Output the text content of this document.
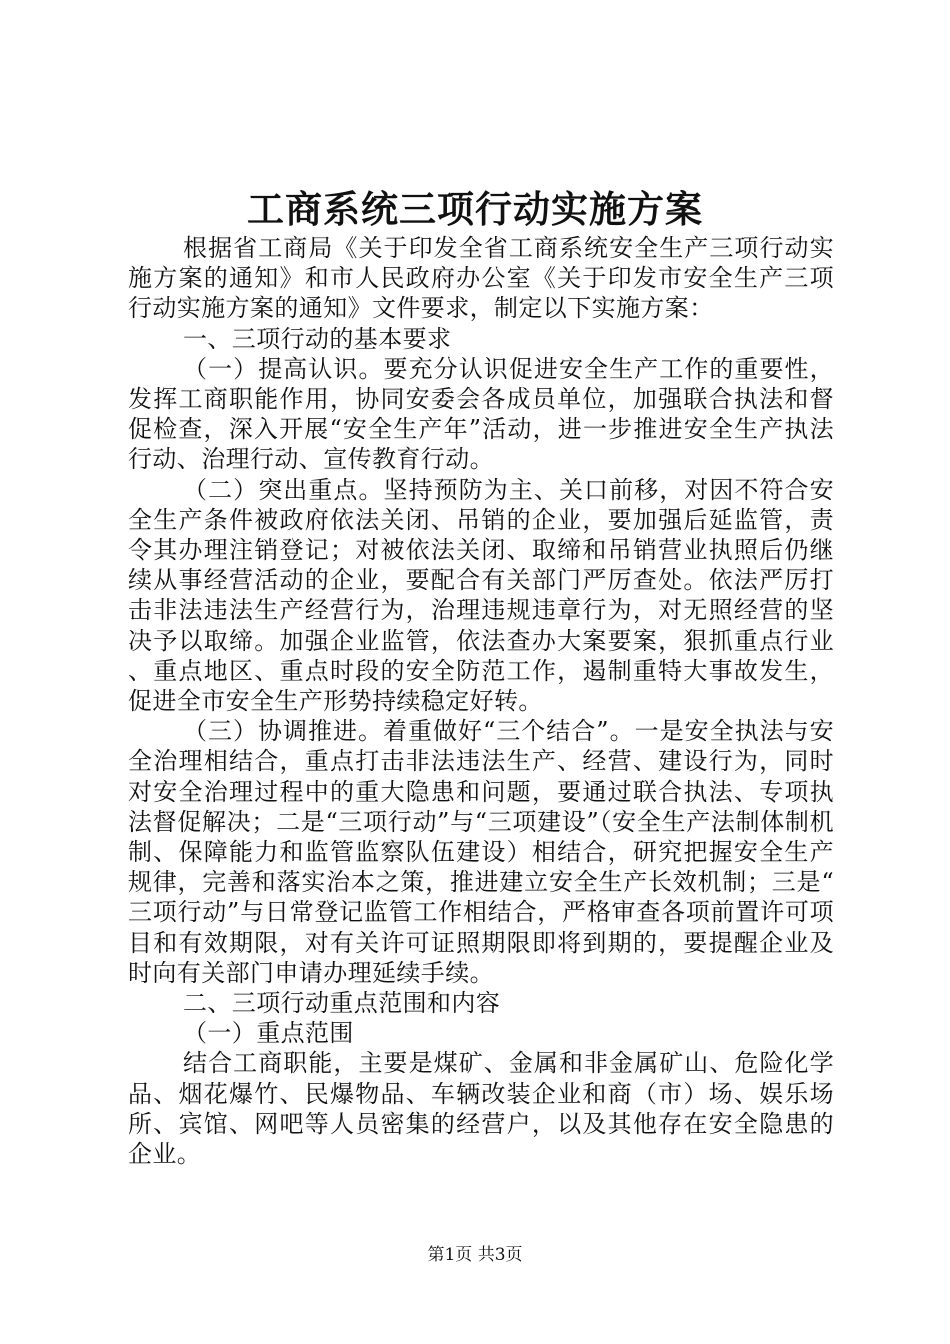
工商系统三项行动实施方案

根据省工商局《关于印发全省工商系统安全生产三项行动实施方案的通知》和市人民政府办公室《关于印发市安全生产三项行动实施方案的通知》文件要求，制定以下实施方案：

一、三项行动的基本要求

（一）提高认识。要充分认识促进安全生产工作的重要性，发挥工商职能作用，协同安委会各成员单位，加强联合执法和督促检查，深入开展“安全生产年”活动，进一步推进安全生产执法行动、治理行动、宣传教育行动。

（二）突出重点。坚持预防为主、关口前移，对因不符合安全生产条件被政府依法关闭、吊销的企业，要加强后延监管，责令其办理注销登记；对被依法关闭、取缔和吊销营业执照后仍继续从事经营活动的企业，要配合有关部门严厉查处。依法严厉打击非法违法生产经营行为，治理违规违章行为，对无照经营的坚决予以取缔。加强企业监管，依法查办大案要案，狠抓重点行业、重点地区、重点时段的安全防范工作，遏制重特大事故发生，促进全市安全生产形势持续稳定好转。

（三）协调推进。着重做好“三个结合”。一是安全执法与安全治理相结合，重点打击非法违法生产、经营、建设行为，同时对安全治理过程中的重大隐患和问题，要通过联合执法、专项执法督促解决；二是“三项行动”与“三项建设”（安全生产法制体制机制、保障能力和监管监察队伍建设）相结合，研究把握安全生产规律，完善和落实治本之策，推进建立安全生产长效机制；三是“三项行动”与日常登记监管工作相结合，严格审查各项前置许可项目和有效期限，对有关许可证照期限即将到期的，要提醒企业及时向有关部门申请办理延续手续。

二、三项行动重点范围和内容

（一）重点范围

结合工商职能，主要是煤矿、金属和非金属矿山、危险化学品、烟花爆竹、民爆物品、车辆改装企业和商（市）场、娱乐场所、宾馆、网吧等人员密集的经营户，以及其他存在安全隐患的企业。

第1页 共3页
